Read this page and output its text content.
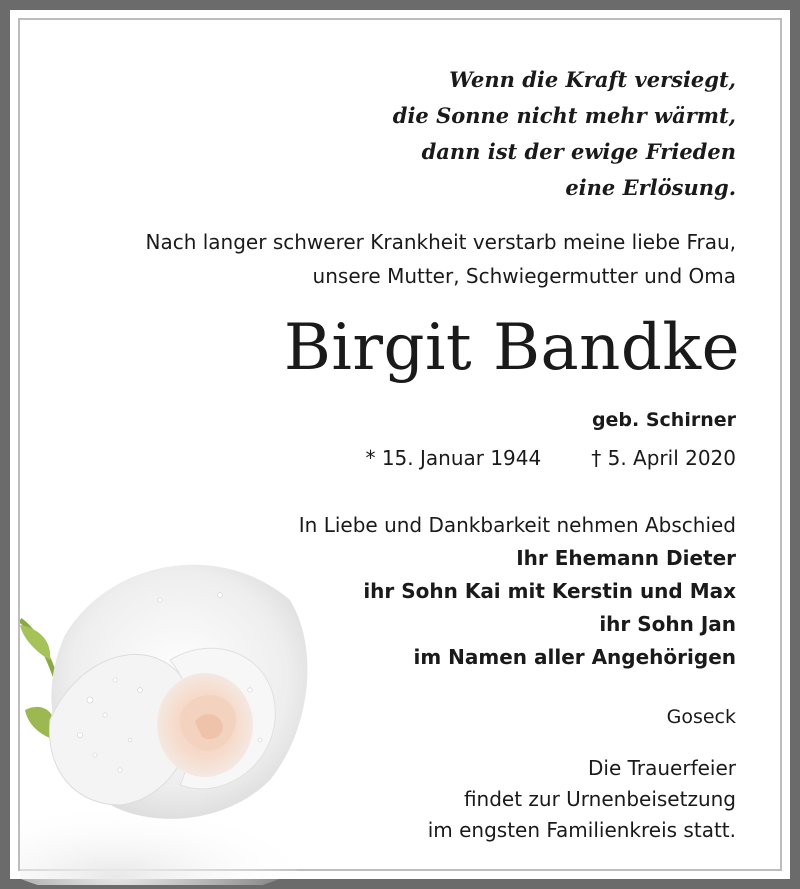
Wenn die Kraft versiegt,
die Sonne nicht mehr wärmt,
dann ist der ewige Frieden
eine Erlösung.
Nach langer schwerer Krankheit verstarb meine liebe Frau,
unsere Mutter, Schwiegermutter und Oma
Birgit Bandke
geb. Schirner
* 15. Januar 1944	† 5. April 2020
In Liebe und Dankbarkeit nehmen Abschied
Ihr Ehemann Dieter
ihr Sohn Kai mit Kerstin und Max
ihr Sohn Jan
im Namen aller Angehörigen
Goseck
Die Trauerfeier
findet zur Urnenbeisetzung
im engsten Familienkreis statt.
